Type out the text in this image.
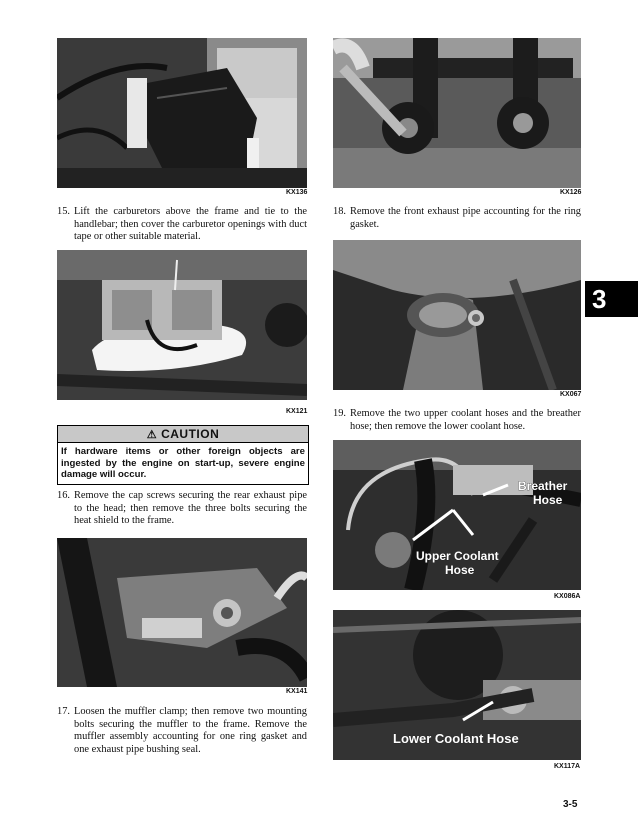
KX136	KX126
15. Lift the carburetors above the frame and tie to the handlebar; then cover the carburetor openings with duct tape or other suitable material.
18. Remove the front exhaust pipe accounting for the ring gasket.
KX121
KX067
19. Remove the two upper coolant hoses and the breather hose; then remove the lower coolant hose.
⚠ CAUTION
If hardware items or other foreign objects are ingested by the engine on start-up, severe engine damage will occur.
16. Remove the cap screws securing the rear exhaust pipe to the head; then remove the three bolts securing the heat shield to the frame.
Breather
Hose
Upper Coolant
Hose
KX086A
KX141
Lower Coolant Hose
KX117A
17. Loosen the muffler clamp; then remove two mounting bolts securing the muffler to the frame. Remove the muffler assembly accounting for one ring gasket and one exhaust pipe bushing seal.
3
3-5
